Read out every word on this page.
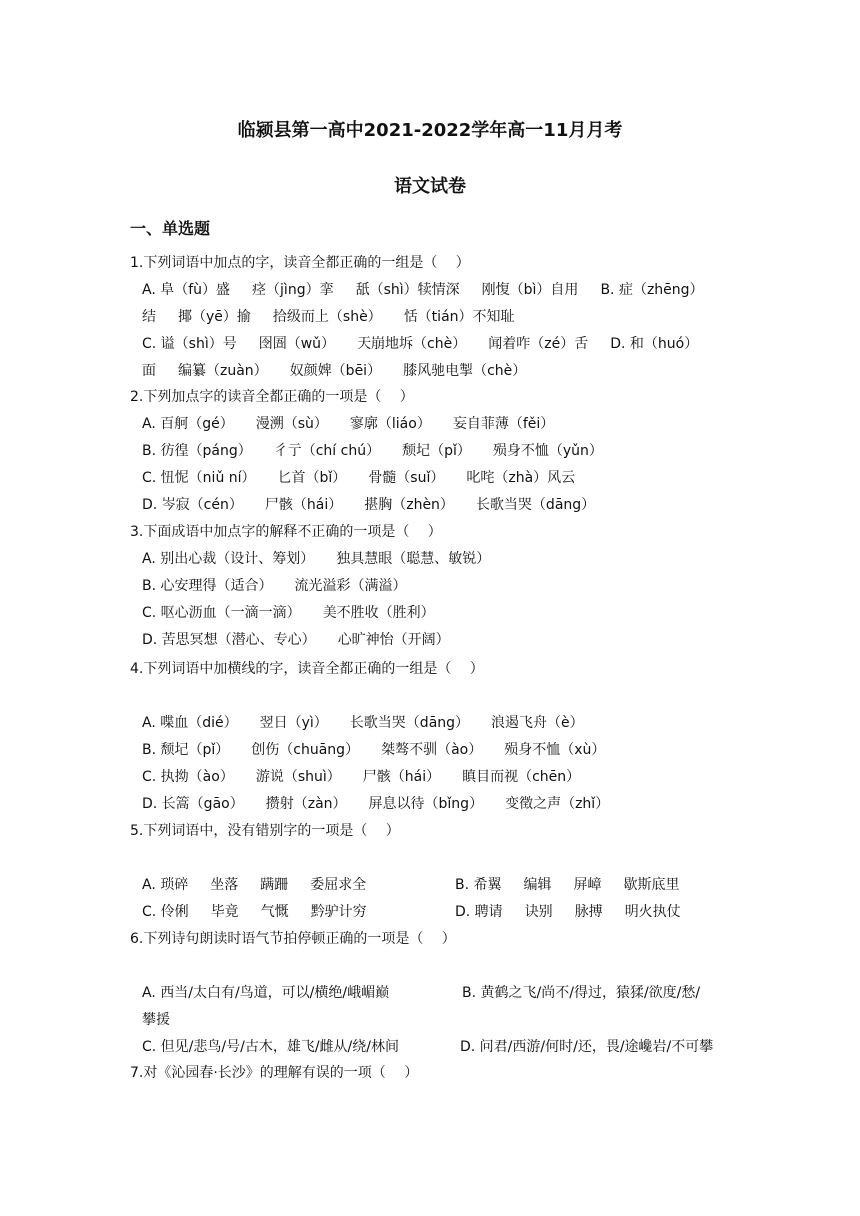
临颍县第一高中2021-2022学年高一11月月考
语文试卷
一、单选题
1.下列词语中加点的字，读音全都正确的一组是（　 ）
A. 阜（fù）盛 痉（jìng）挛 舐（shì）犊情深 刚愎（bì）自用 B. 症（zhēng）
结 揶（yē）揄 拾级而上（shè） 恬（tián）不知耻
C. 谥（shì）号 囹圄（wǔ） 天崩地坼（chè） 闻着咋（zé）舌 D. 和（huó）
面 编纂（zuàn） 奴颜婢（bēi） 膝风驰电掣（chè）
2.下列加点字的读音全都正确的一项是（　 ）
A. 百舸（gé） 漫溯（sù） 寥廓（liáo） 妄自菲薄（fěi）
B. 彷徨（páng） 彳亍（chí chú） 颓圮（pǐ） 殒身不恤（yǔn）
C. 忸怩（niǔ ní） 匕首（bǐ） 骨髓（suǐ） 叱咤（zhà）风云
D. 岑寂（cén） 尸骸（hái） 揕胸（zhèn） 长歌当哭（dāng）
3.下面成语中加点字的解释不正确的一项是（　 ）
A. 别出心裁（设计、筹划） 独具慧眼（聪慧、敏锐）
B. 心安理得（适合） 流光溢彩（满溢）
C. 呕心沥血（一滴一滴） 美不胜收（胜利）
D. 苦思冥想（潜心、专心） 心旷神怡（开阔）
4.下列词语中加横线的字，读音全都正确的一组是（　 ）
A. 喋血（dié） 翌日（yì） 长歌当哭（dāng） 浪遏飞舟（è）
B. 颓圮（pǐ） 创伤（chuāng） 桀骜不驯（ào） 殒身不恤（xù）
C. 执拗（ào） 游说（shuì） 尸骸（hái） 瞋目而视（chēn）
D. 长篙（gāo） 攒射（zàn） 屏息以待（bǐng） 变徵之声（zhǐ）
5.下列词语中，没有错别字的一项是（　 ）
A. 琐碎 坐落 蹒跚 委屈求全	B. 希翼 编辑 屏嶂 歇斯底里
C. 伶俐 毕竟 气慨 黔驴计穷	D. 聘请 诀别 脉搏 明火执仗
6.下列诗句朗读时语气节拍停顿正确的一项是（　 ）
A. 西当/太白有/鸟道，可以/横绝/峨嵋巅	B. 黄鹤之飞/尚不/得过，猿猱/欲度/愁/
攀援
C. 但见/悲鸟/号/古木，雄飞/雌从/绕/林间	D. 问君/西游/何时/还，畏/途巉岩/不可攀
7.对《沁园春·长沙》的理解有误的一项（　 ）
